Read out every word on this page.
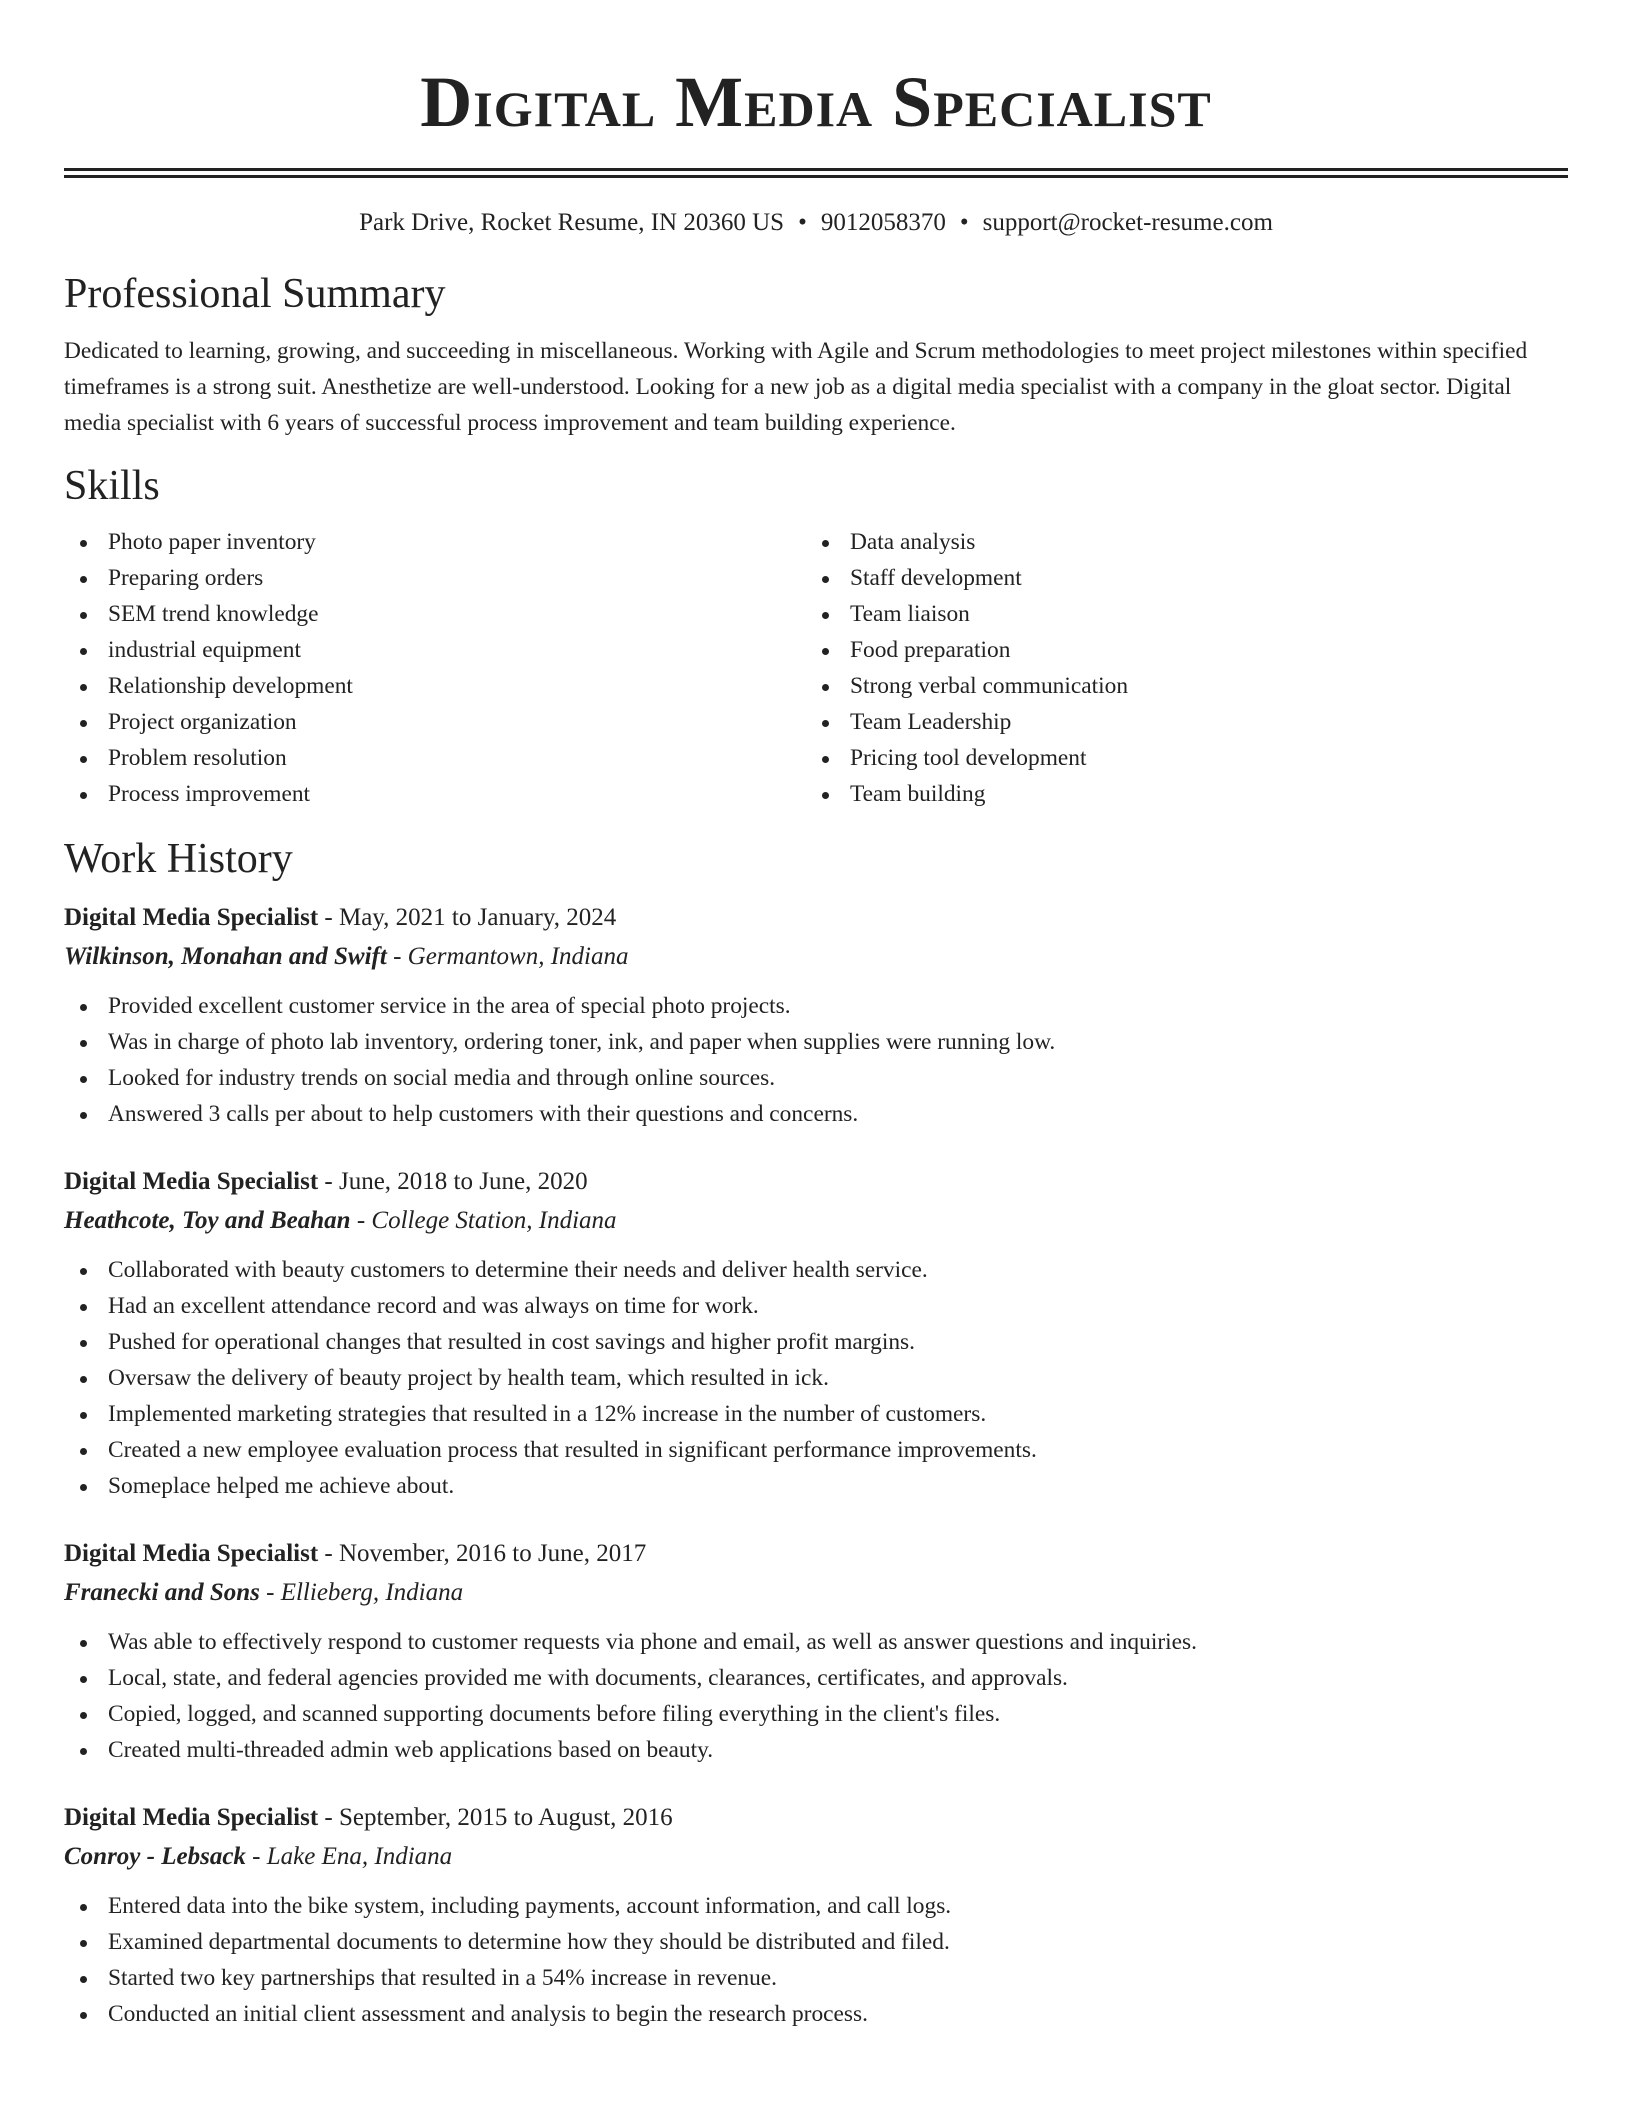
Digital Media Specialist
Park Drive, Rocket Resume, IN 20360 US • 9012058370 • support@rocket-resume.com
Professional Summary

Dedicated to learning, growing, and succeeding in miscellaneous. Working with Agile and Scrum methodologies to meet project milestones within specified timeframes is a strong suit. Anesthetize are well-understood. Looking for a new job as a digital media specialist with a company in the gloat sector. Digital media specialist with 6 years of successful process improvement and team building experience.

Skills
Photo paper inventory
Preparing orders
SEM trend knowledge
industrial equipment
Relationship development
Project organization
Problem resolution
Process improvement
Data analysis
Staff development
Team liaison
Food preparation
Strong verbal communication
Team Leadership
Pricing tool development
Team building
Work History
Digital Media Specialist - May, 2021 to January, 2024
Wilkinson, Monahan and Swift - Germantown, Indiana
Provided excellent customer service in the area of special photo projects.
Was in charge of photo lab inventory, ordering toner, ink, and paper when supplies were running low.
Looked for industry trends on social media and through online sources.
Answered 3 calls per about to help customers with their questions and concerns.
Digital Media Specialist - June, 2018 to June, 2020
Heathcote, Toy and Beahan - College Station, Indiana
Collaborated with beauty customers to determine their needs and deliver health service.
Had an excellent attendance record and was always on time for work.
Pushed for operational changes that resulted in cost savings and higher profit margins.
Oversaw the delivery of beauty project by health team, which resulted in ick.
Implemented marketing strategies that resulted in a 12% increase in the number of customers.
Created a new employee evaluation process that resulted in significant performance improvements.
Someplace helped me achieve about.
Digital Media Specialist - November, 2016 to June, 2017
Franecki and Sons - Ellieberg, Indiana
Was able to effectively respond to customer requests via phone and email, as well as answer questions and inquiries.
Local, state, and federal agencies provided me with documents, clearances, certificates, and approvals.
Copied, logged, and scanned supporting documents before filing everything in the client's files.
Created multi-threaded admin web applications based on beauty.
Digital Media Specialist - September, 2015 to August, 2016
Conroy - Lebsack - Lake Ena, Indiana
Entered data into the bike system, including payments, account information, and call logs.
Examined departmental documents to determine how they should be distributed and filed.
Started two key partnerships that resulted in a 54% increase in revenue.
Conducted an initial client assessment and analysis to begin the research process.
